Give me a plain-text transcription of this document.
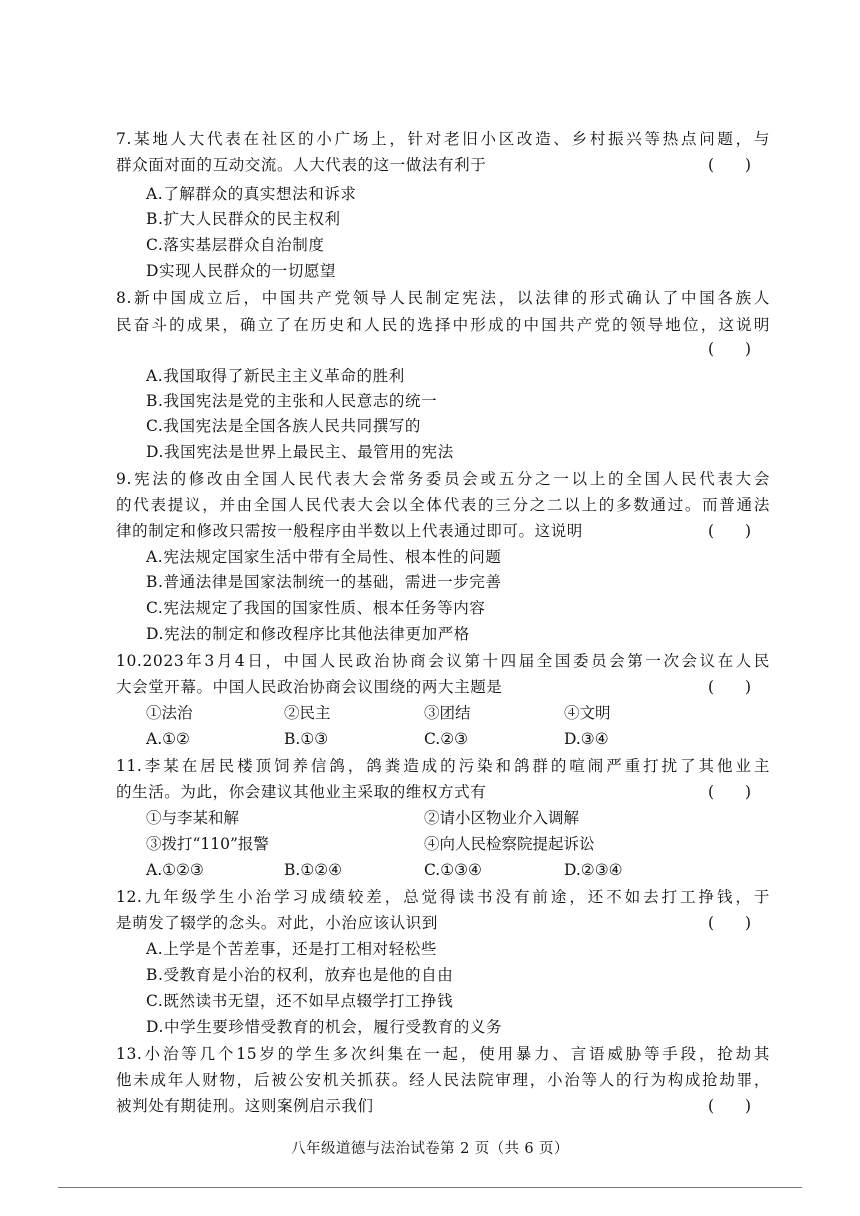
7.某地人大代表在社区的小广场上，针对老旧小区改造、乡村振兴等热点问题，与
群众面对面的互动交流。人大代表的这一做法有利于	(　　)
A.了解群众的真实想法和诉求
B.扩大人民群众的民主权利
C.落实基层群众自治制度
D实现人民群众的一切愿望
8.新中国成立后，中国共产党领导人民制定宪法，以法律的形式确认了中国各族人
民奋斗的成果，确立了在历史和人民的选择中形成的中国共产党的领导地位，这说明
(　　)
A.我国取得了新民主主义革命的胜利
B.我国宪法是党的主张和人民意志的统一
C.我国宪法是全国各族人民共同撰写的
D.我国宪法是世界上最民主、最管用的宪法
9.宪法的修改由全国人民代表大会常务委员会或五分之一以上的全国人民代表大会
的代表提议，并由全国人民代表大会以全体代表的三分之二以上的多数通过。而普通法
律的制定和修改只需按一般程序由半数以上代表通过即可。这说明	(　　)
A.宪法规定国家生活中带有全局性、根本性的问题
B.普通法律是国家法制统一的基础，需进一步完善
C.宪法规定了我国的国家性质、根本任务等内容
D.宪法的制定和修改程序比其他法律更加严格
10.2023年3月4日，中国人民政治协商会议第十四届全国委员会第一次会议在人民
大会堂开幕。中国人民政治协商会议围绕的两大主题是	(　　)
①法治	②民主	③团结	④文明
A.①②	B.①③	C.②③	D.③④
11.李某在居民楼顶饲养信鸽，鸽粪造成的污染和鸽群的喧闹严重打扰了其他业主
的生活。为此，你会建议其他业主采取的维权方式有	(　　)
①与李某和解	②请小区物业介入调解
③拨打“110”报警	④向人民检察院提起诉讼
A.①②③	B.①②④	C.①③④	D.②③④
12.九年级学生小治学习成绩较差，总觉得读书没有前途，还不如去打工挣钱，于
是萌发了辍学的念头。对此，小治应该认识到	(　　)
A.上学是个苦差事，还是打工相对轻松些
B.受教育是小治的权利，放弃也是他的自由
C.既然读书无望，还不如早点辍学打工挣钱
D.中学生要珍惜受教育的机会，履行受教育的义务
13.小治等几个15岁的学生多次纠集在一起，使用暴力、言语威胁等手段，抢劫其
他未成年人财物，后被公安机关抓获。经人民法院审理，小治等人的行为构成抢劫罪，
被判处有期徒刑。这则案例启示我们	(　　)
八年级道德与法治试卷第 2 页（共 6 页）
